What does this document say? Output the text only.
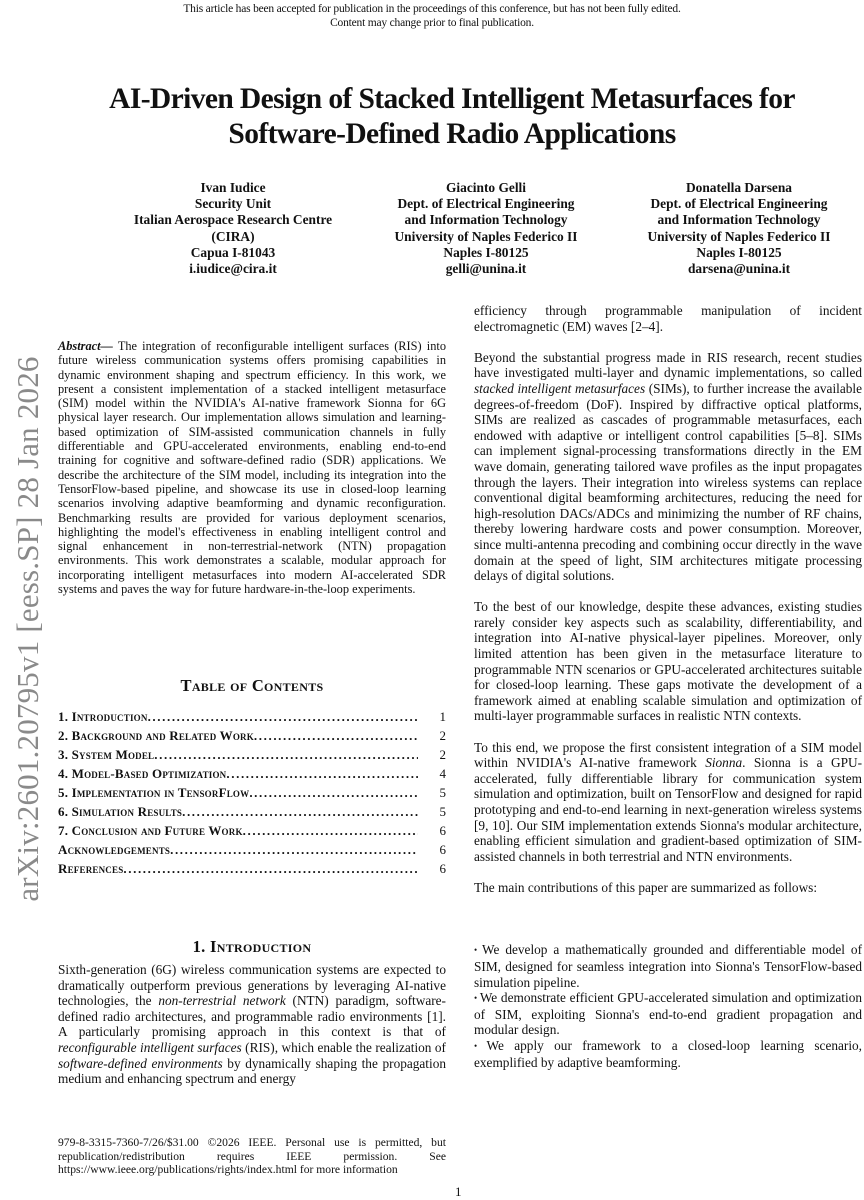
This article has been accepted for publication in the proceedings of this conference, but has not been fully edited.
Content may change prior to final publication.
AI-Driven Design of Stacked Intelligent Metasurfaces for
Software-Defined Radio Applications
Ivan Iudice
Security Unit
Italian Aerospace Research Centre
(CIRA)
Capua I-81043
i.iudice@cira.it
Giacinto Gelli
Dept. of Electrical Engineering
and Information Technology
University of Naples Federico II
Naples I-80125
gelli@unina.it
Donatella Darsena
Dept. of Electrical Engineering
and Information Technology
University of Naples Federico II
Naples I-80125
darsena@unina.it
arXiv:2601.20795v1 [eess.SP] 28 Jan 2026

Abstract— The integration of reconfigurable intelligent surfaces (RIS) into future wireless communication systems offers promising capabilities in dynamic environment shaping and spectrum efficiency. In this work, we present a consistent implementation of a stacked intelligent metasurface (SIM) model within the NVIDIA's AI-native framework Sionna for 6G physical layer research. Our implementation allows simulation and learning-based optimization of SIM-assisted communication channels in fully differentiable and GPU-accelerated environments, enabling end-to-end training for cognitive and software-defined radio (SDR) applications. We describe the architecture of the SIM model, including its integration into the TensorFlow-based pipeline, and showcase its use in closed-loop learning scenarios involving adaptive beamforming and dynamic reconfiguration. Benchmarking results are provided for various deployment scenarios, highlighting the model's effectiveness in enabling intelligent control and signal enhancement in non-terrestrial-network (NTN) propagation environments. This work demonstrates a scalable, modular approach for incorporating intelligent metasurfaces into modern AI-accelerated SDR systems and paves the way for future hardware-in-the-loop experiments.

Table of Contents
1. Introduction .....	1
2. Background and Related Work .....	2
3. System Model .....	2
4. Model-Based Optimization .....	4
5. Implementation in TensorFlow .....	5
6. Simulation Results .....	5
7. Conclusion and Future Work .....	6
Acknowledgements .....	6
References .....	6
1. Introduction

Sixth-generation (6G) wireless communication systems are expected to dramatically outperform previous generations by leveraging AI-native technologies, the non-terrestrial network (NTN) paradigm, software-defined radio architectures, and programmable radio environments [1]. A particularly promising approach in this context is that of reconfigurable intelligent surfaces (RIS), which enable the realization of software-defined environments by dynamically shaping the propagation medium and enhancing spectrum and energy

979-8-3315-7360-7/26/$31.00 ©2026 IEEE. Personal use is permitted, but republication/redistribution requires IEEE permission. See https://www.ieee.org/publications/rights/index.html for more information
1

efficiency through programmable manipulation of incident electromagnetic (EM) waves [2–4].

Beyond the substantial progress made in RIS research, recent studies have investigated multi-layer and dynamic implementations, so called stacked intelligent metasurfaces (SIMs), to further increase the available degrees-of-freedom (DoF). Inspired by diffractive optical platforms, SIMs are realized as cascades of programmable metasurfaces, each endowed with adaptive or intelligent control capabilities [5–8]. SIMs can implement signal-processing transformations directly in the EM wave domain, generating tailored wave profiles as the input propagates through the layers. Their integration into wireless systems can replace conventional digital beamforming architectures, reducing the need for high-resolution DACs/ADCs and minimizing the number of RF chains, thereby lowering hardware costs and power consumption. Moreover, since multi-antenna precoding and combining occur directly in the wave domain at the speed of light, SIM architectures mitigate processing delays of digital solutions.

To the best of our knowledge, despite these advances, existing studies rarely consider key aspects such as scalability, differentiability, and integration into AI-native physical-layer pipelines. Moreover, only limited attention has been given in the metasurface literature to programmable NTN scenarios or GPU-accelerated architectures suitable for closed-loop learning. These gaps motivate the development of a framework aimed at enabling scalable simulation and optimization of multi-layer programmable surfaces in realistic NTN contexts.

To this end, we propose the first consistent integration of a SIM model within NVIDIA's AI-native framework Sionna. Sionna is a GPU-accelerated, fully differentiable library for communication system simulation and optimization, built on TensorFlow and designed for rapid prototyping and end-to-end learning in next-generation wireless systems [9, 10]. Our SIM implementation extends Sionna's modular architecture, enabling efficient simulation and gradient-based optimization of SIM-assisted channels in both terrestrial and NTN environments.

The main contributions of this paper are summarized as follows:

• We develop a mathematically grounded and differentiable model of SIM, designed for seamless integration into Sionna's TensorFlow-based simulation pipeline.

• We demonstrate efficient GPU-accelerated simulation and optimization of SIM, exploiting Sionna's end-to-end gradient propagation and modular design.

• We apply our framework to a closed-loop learning scenario, exemplified by adaptive beamforming.
